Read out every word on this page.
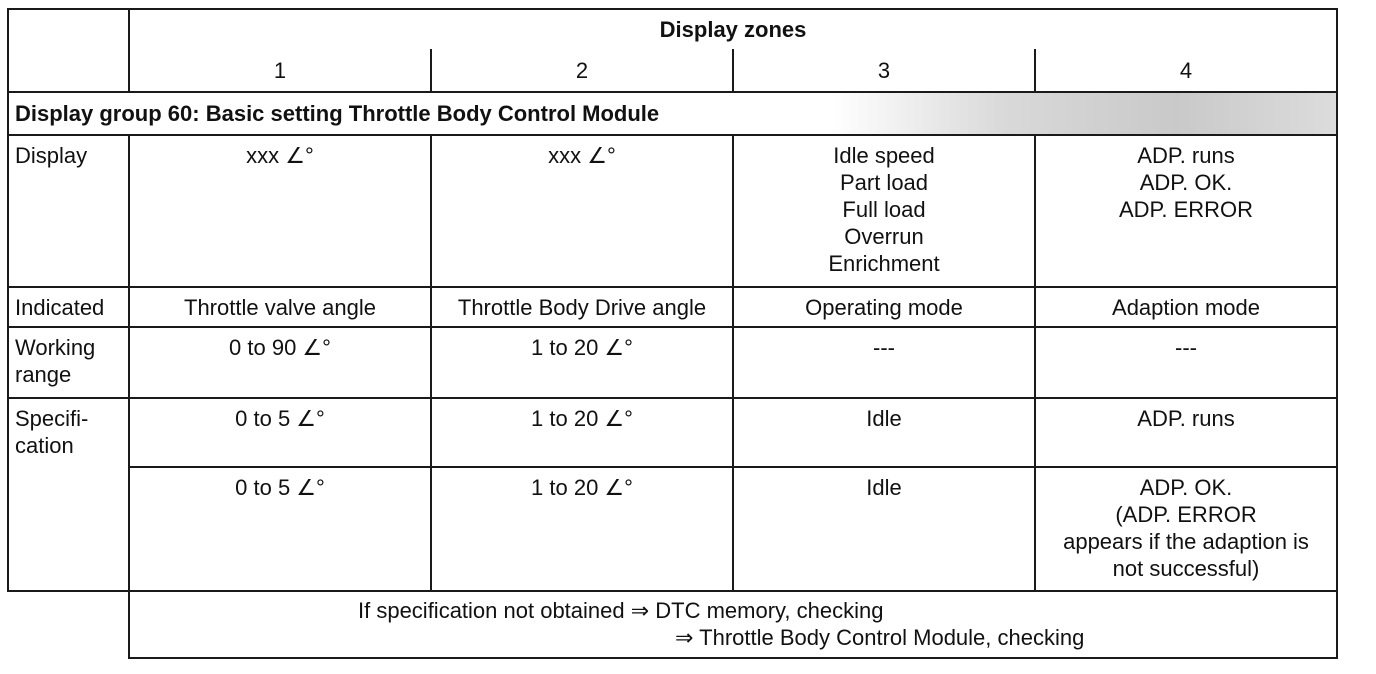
	Display zones			
	1	2	3	4
Display group 60: Basic setting Throttle Body Control Module				
Display	xxx ∠°	xxx ∠°	Idle speed
Part load
Full load
Overrun
Enrichment	ADP. runs
ADP. OK.
ADP. ERROR

Indicated	Throttle valve angle	Throttle Body Drive angle	Operating mode	Adaption mode

Working
range	0 to 90 ∠°	1 to 20 ∠°	---	---

Specifi-
cation	0 to 5 ∠°	1 to 20 ∠°	Idle	ADP. runs
	0 to 5 ∠°	1 to 20 ∠°	Idle	ADP. OK.
(ADP. ERROR
appears if the adaption is
not successful)

	If specification not obtained ⇒ DTC memory, checking
⇒ Throttle Body Control Module, checking			
